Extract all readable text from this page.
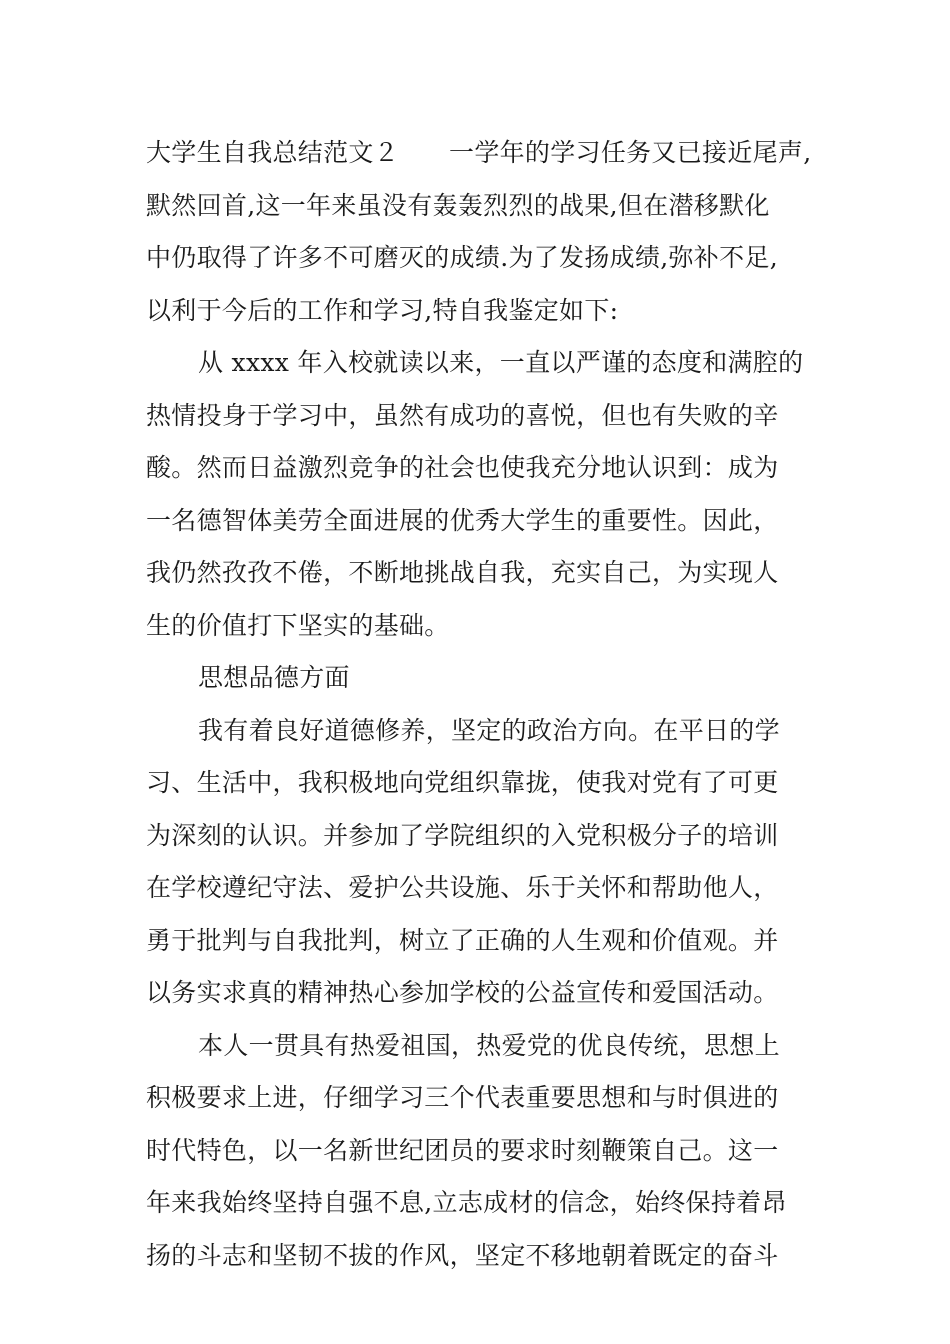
大学生自我总结范文２ 一学年的学习任务又已接近尾声,
默然回首,这一年来虽没有轰轰烈烈的战果,但在潜移默化
中仍取得了许多不可磨灭的成绩.为了发扬成绩,弥补不足,
以利于今后的工作和学习,特自我鉴定如下:
从 xxxx 年入校就读以来，一直以严谨的态度和满腔的
热情投身于学习中，虽然有成功的喜悦，但也有失败的辛
酸。然而日益激烈竞争的社会也使我充分地认识到：成为
一名德智体美劳全面进展的优秀大学生的重要性。因此，
我仍然孜孜不倦，不断地挑战自我，充实自己，为实现人
生的价值打下坚实的基础。
思想品德方面
我有着良好道德修养，坚定的政治方向。在平日的学
习、生活中，我积极地向党组织靠拢，使我对党有了可更
为深刻的认识。并参加了学院组织的入党积极分子的培训
在学校遵纪守法、爱护公共设施、乐于关怀和帮助他人，
勇于批判与自我批判，树立了正确的人生观和价值观。并
以务实求真的精神热心参加学校的公益宣传和爱国活动。
本人一贯具有热爱祖国，热爱党的优良传统，思想上
积极要求上进，仔细学习三个代表重要思想和与时俱进的
时代特色，以一名新世纪团员的要求时刻鞭策自己。这一
年来我始终坚持自强不息,立志成材的信念，始终保持着昂
扬的斗志和坚韧不拔的作风，坚定不移地朝着既定的奋斗
